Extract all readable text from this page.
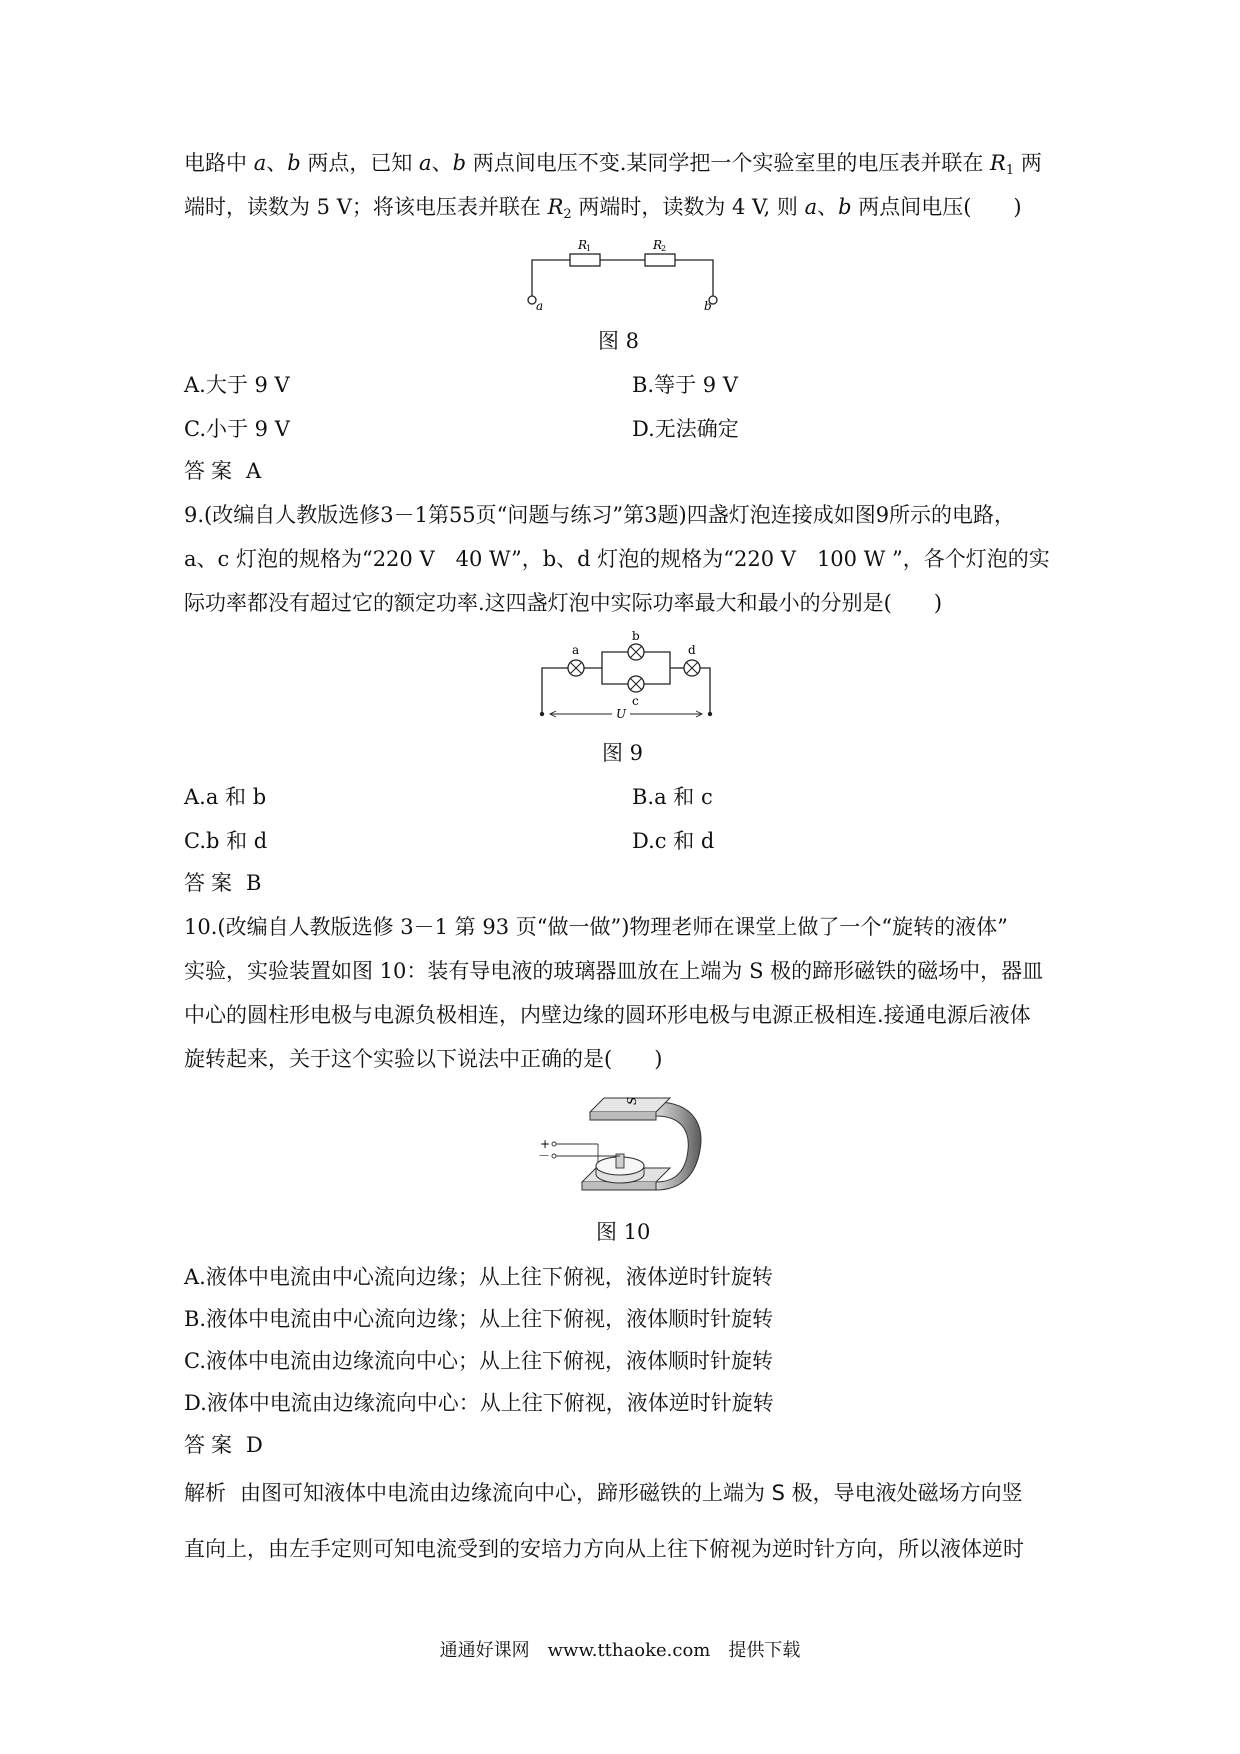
电路中 a、b 两点，已知 a、b 两点间电压不变.某同学把一个实验室里的电压表并联在 $R_1$ 两
端时，读数为 5 V；将该电压表并联在 $R_2$ 两端时，读数为 4 V, 则 a、b 两点间电压(　　)
R
1	R
2
a	b
图 8
A.大于 9 V	B.等于 9 V
C.小于 9 V	D.无法确定
答案 A
9.(改编自人教版选修3－1第55页“问题与练习”第3题)四盏灯泡连接成如图9所示的电路，
a、c 灯泡的规格为“220 V　40 W”，b、d 灯泡的规格为“220 V　100 W ”，各个灯泡的实
际功率都没有超过它的额定功率.这四盏灯泡中实际功率最大和最小的分别是(　　)
a
b
c
d
U
图 9
A.a 和 b	B.a 和 c
C.b 和 d	D.c 和 d
答案 B
10.(改编自人教版选修 3－1 第 93 页“做一做”)物理老师在课堂上做了一个“旋转的液体”
实验，实验装置如图 10：装有导电液的玻璃器皿放在上端为 S 极的蹄形磁铁的磁场中，器皿
中心的圆柱形电极与电源负极相连，内壁边缘的圆环形电极与电源正极相连.接通电源后液体
旋转起来，关于这个实验以下说法中正确的是(　　)
S
+
－
图 10
A.液体中电流由中心流向边缘；从上往下俯视，液体逆时针旋转
B.液体中电流由中心流向边缘；从上往下俯视，液体顺时针旋转
C.液体中电流由边缘流向中心；从上往下俯视，液体顺时针旋转
D.液体中电流由边缘流向中心：从上往下俯视，液体逆时针旋转
答案 D
解析 由图可知液体中电流由边缘流向中心，蹄形磁铁的上端为 S 极，导电液处磁场方向竖
直向上，由左手定则可知电流受到的安培力方向从上往下俯视为逆时针方向，所以液体逆时
通通好课网　www.tthaoke.com　提供下载
